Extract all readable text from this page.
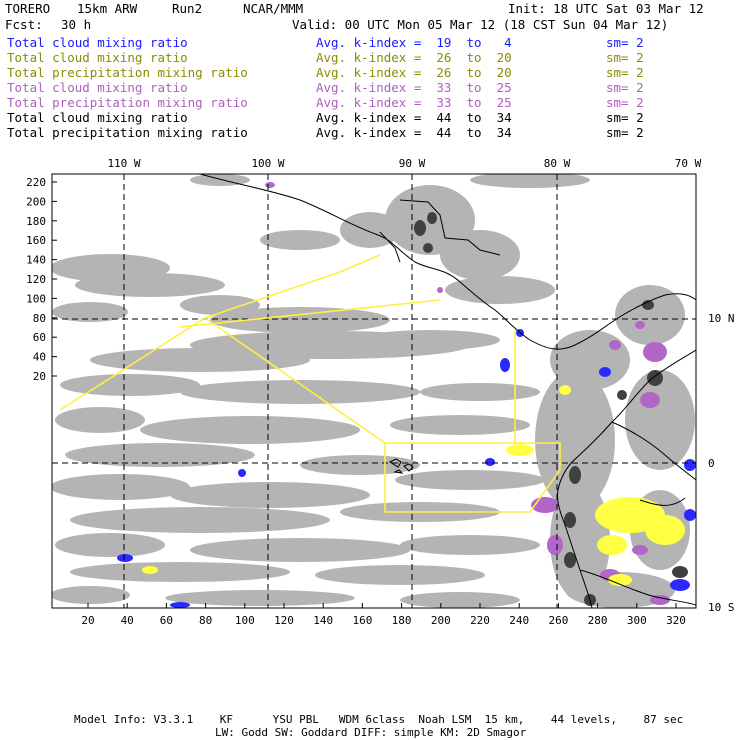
TORERO 15km ARW	Run2	NCAR/MMM	Init: 18 UTC Sat 03 Mar 12
Fcst: 30 h	Valid: 00 UTC Mon 05 Mar 12 (18 CST Sun 04 Mar 12)
Total cloud mixing ratio	Avg. k-index =  19  to   4	sm= 2
Total cloud mixing ratio	Avg. k-index =  26  to  20	sm= 2
Total precipitation mixing ratio	Avg. k-index =  26  to  20	sm= 2
Total cloud mixing ratio	Avg. k-index =  33  to  25	sm= 2
Total precipitation mixing ratio	Avg. k-index =  33  to  25	sm= 2
Total cloud mixing ratio	Avg. k-index =  44  to  34	sm= 2
Total precipitation mixing ratio	Avg. k-index =  44  to  34	sm= 2
110 W	100 W	90 W	80 W	70 W
10 N
0
10 S
220
200
180
160
140
120
100
80
60
40
20
20 40 60 80 100 120 140 160 180 200 220 240 260 280 300 320
Model Info: V3.3.1    KF      YSU PBL   WDM 6class  Noah LSM  15 km,    44 levels,    87 sec
LW: Godd SW: Goddard DIFF: simple KM: 2D Smagor
